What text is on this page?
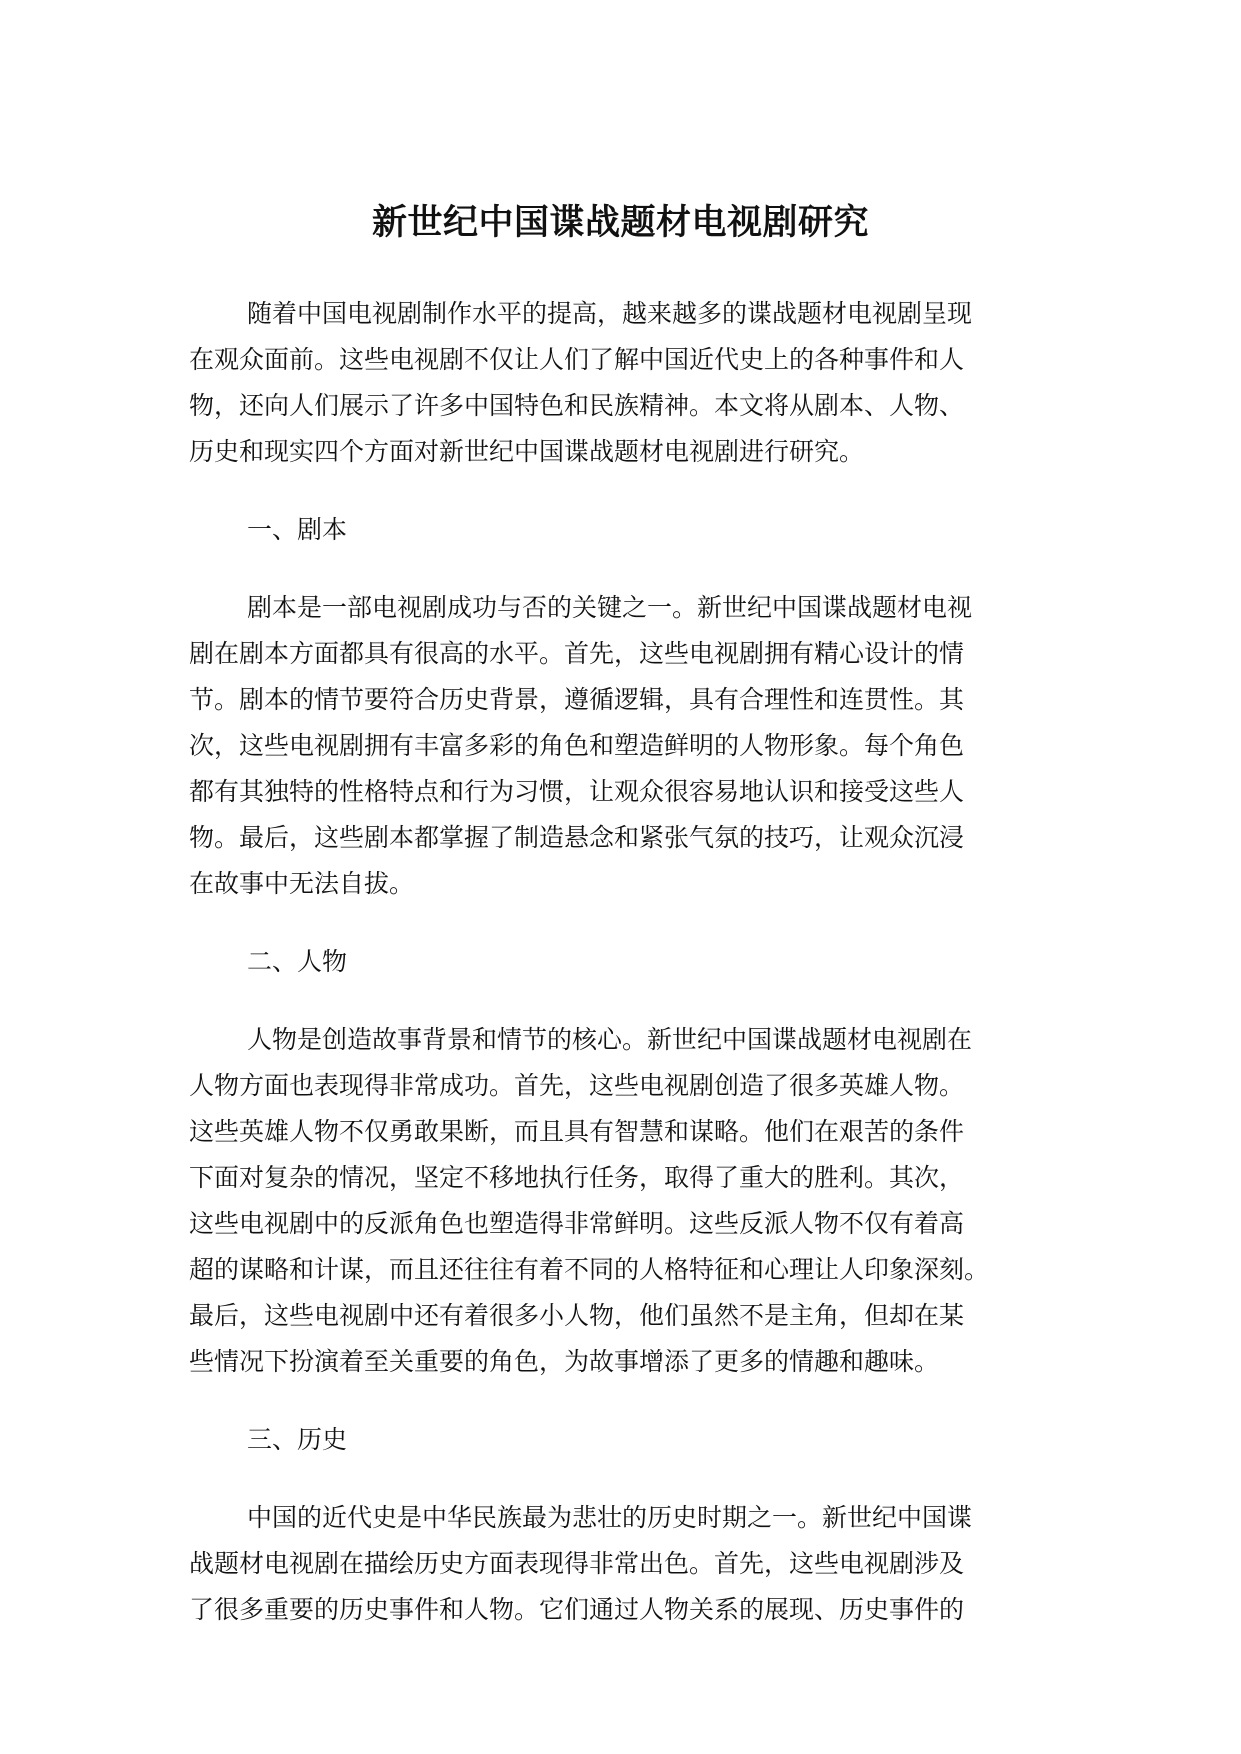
新世纪中国谍战题材电视剧研究

随着中国电视剧制作水平的提高，越来越多的谍战题材电视剧呈现
在观众面前。这些电视剧不仅让人们了解中国近代史上的各种事件和人
物，还向人们展示了许多中国特色和民族精神。本文将从剧本、人物、
历史和现实四个方面对新世纪中国谍战题材电视剧进行研究。

一、剧本

剧本是一部电视剧成功与否的关键之一。新世纪中国谍战题材电视
剧在剧本方面都具有很高的水平。首先，这些电视剧拥有精心设计的情
节。剧本的情节要符合历史背景，遵循逻辑，具有合理性和连贯性。其
次，这些电视剧拥有丰富多彩的角色和塑造鲜明的人物形象。每个角色
都有其独特的性格特点和行为习惯，让观众很容易地认识和接受这些人
物。最后，这些剧本都掌握了制造悬念和紧张气氛的技巧，让观众沉浸
在故事中无法自拔。

二、人物

人物是创造故事背景和情节的核心。新世纪中国谍战题材电视剧在
人物方面也表现得非常成功。首先，这些电视剧创造了很多英雄人物。
这些英雄人物不仅勇敢果断，而且具有智慧和谋略。他们在艰苦的条件
下面对复杂的情况，坚定不移地执行任务，取得了重大的胜利。其次，
这些电视剧中的反派角色也塑造得非常鲜明。这些反派人物不仅有着高
超的谋略和计谋，而且还往往有着不同的人格特征和心理让人印象深刻。
最后，这些电视剧中还有着很多小人物，他们虽然不是主角，但却在某
些情况下扮演着至关重要的角色，为故事增添了更多的情趣和趣味。

三、历史

中国的近代史是中华民族最为悲壮的历史时期之一。新世纪中国谍
战题材电视剧在描绘历史方面表现得非常出色。首先，这些电视剧涉及
了很多重要的历史事件和人物。它们通过人物关系的展现、历史事件的
